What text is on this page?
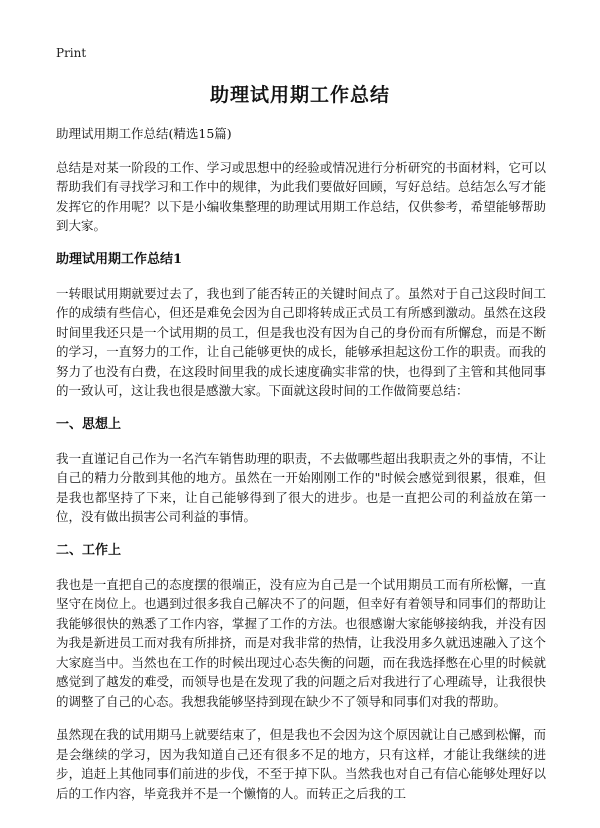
Print
助理试用期工作总结

助理试用期工作总结(精选15篇)

总结是对某一阶段的工作、学习或思想中的经验或情况进行分析研究的书面材料，它可以帮助我们有寻找学习和工作中的规律，为此我们要做好回顾，写好总结。总结怎么写才能发挥它的作用呢？以下是小编收集整理的助理试用期工作总结，仅供参考，希望能够帮助到大家。

助理试用期工作总结1

一转眼试用期就要过去了，我也到了能否转正的关键时间点了。虽然对于自己这段时间工作的成绩有些信心，但还是难免会因为自己即将转成正式员工有所感到激动。虽然在这段时间里我还只是一个试用期的员工，但是我也没有因为自己的身份而有所懈怠，而是不断的学习，一直努力的工作，让自己能够更快的成长，能够承担起这份工作的职责。而我的努力了也没有白费，在这段时间里我的成长速度确实非常的快，也得到了主管和其他同事的一致认可，这让我也很是感激大家。下面就这段时间的工作做简要总结：

一、思想上

我一直谨记自己作为一名汽车销售助理的职责，不去做哪些超出我职责之外的事情，不让自己的精力分散到其他的地方。虽然在一开始刚刚工作的"时候会感觉到很累，很难，但是我也都坚持了下来，让自己能够得到了很大的进步。也是一直把公司的利益放在第一位，没有做出损害公司利益的事情。

二、工作上

我也是一直把自己的态度摆的很端正，没有应为自己是一个试用期员工而有所松懈，一直坚守在岗位上。也遇到过很多我自己解决不了的问题，但幸好有着领导和同事们的帮助让我能够很快的熟悉了工作内容，掌握了工作的方法。也很感谢大家能够接纳我，并没有因为我是新进员工而对我有所排挤，而是对我非常的热情，让我没用多久就迅速融入了这个大家庭当中。当然也在工作的时候出现过心态失衡的问题，而在我选择憋在心里的时候就感觉到了越发的难受，而领导也是在发现了我的问题之后对我进行了心理疏导，让我很快的调整了自己的心态。我想我能够坚持到现在缺少不了领导和同事们对我的帮助。

虽然现在我的试用期马上就要结束了，但是我也不会因为这个原因就让自己感到松懈，而是会继续的学习，因为我知道自己还有很多不足的地方，只有这样，才能让我继续的进步，追赶上其他同事们前进的步伐，不至于掉下队。当然我也对自己有信心能够处理好以后的工作内容，毕竟我并不是一个懒惰的人。而转正之后我的工
